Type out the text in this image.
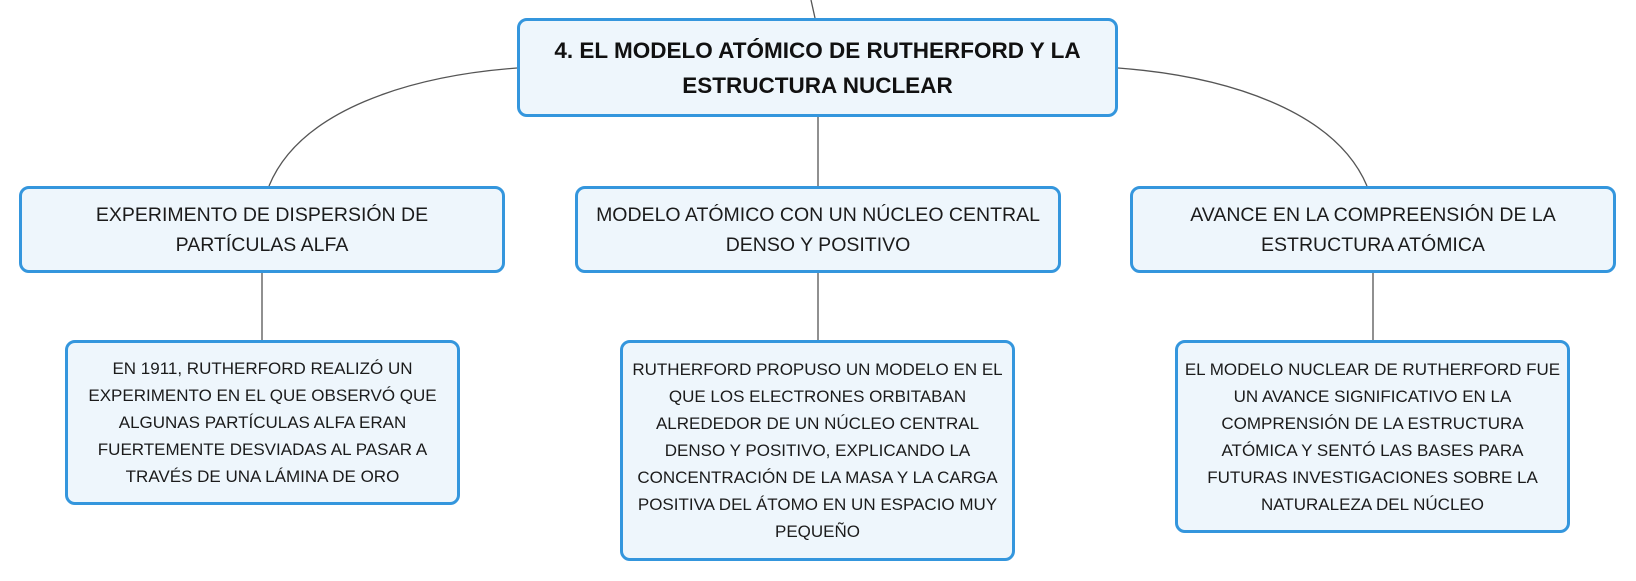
4. EL MODELO ATÓMICO DE RUTHERFORD Y LA ESTRUCTURA NUCLEAR
EXPERIMENTO DE DISPERSIÓN DE PARTÍCULAS ALFA
MODELO ATÓMICO CON UN NÚCLEO CENTRAL DENSO Y POSITIVO
AVANCE EN LA COMPREENSIÓN DE LA ESTRUCTURA ATÓMICA
EN 1911, RUTHERFORD REALIZÓ UN EXPERIMENTO EN EL QUE OBSERVÓ QUE ALGUNAS PARTÍCULAS ALFA ERAN FUERTEMENTE DESVIADAS AL PASAR A TRAVÉS DE UNA LÁMINA DE ORO
RUTHERFORD PROPUSO UN MODELO EN EL QUE LOS ELECTRONES ORBITABAN ALREDEDOR DE UN NÚCLEO CENTRAL DENSO Y POSITIVO, EXPLICANDO LA CONCENTRACIÓN DE LA MASA Y LA CARGA POSITIVA DEL ÁTOMO EN UN ESPACIO MUY PEQUEÑO
EL MODELO NUCLEAR DE RUTHERFORD FUE UN AVANCE SIGNIFICATIVO EN LA COMPRENSIÓN DE LA ESTRUCTURA ATÓMICA Y SENTÓ LAS BASES PARA FUTURAS INVESTIGACIONES SOBRE LA NATURALEZA DEL NÚCLEO
